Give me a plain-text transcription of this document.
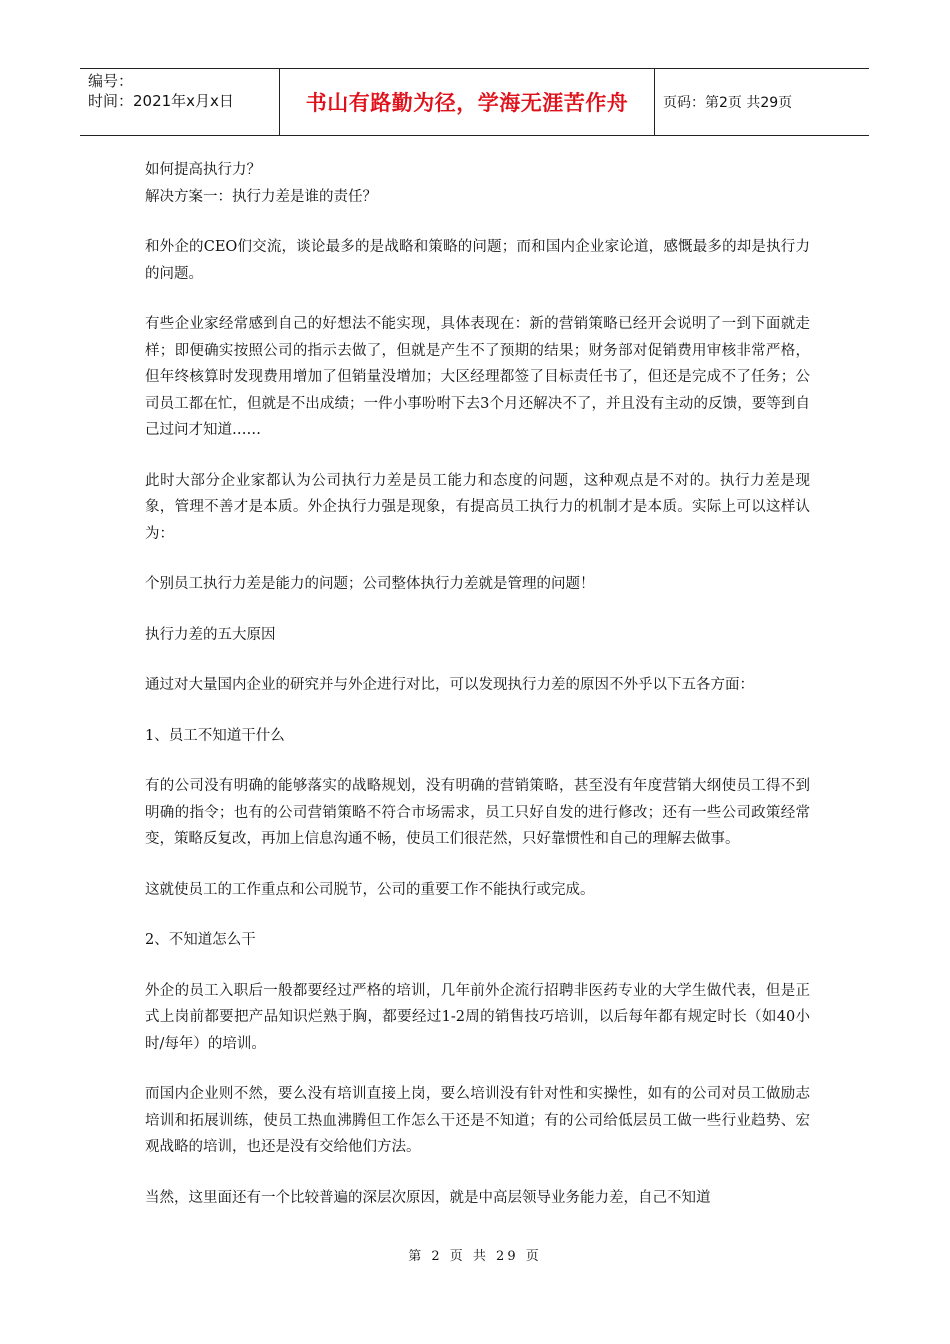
编号：
时间：2021年x月x日	书山有路勤为径，学海无涯苦作舟	页码：第2页 共29页

如何提高执行力？

解决方案一：执行力差是谁的责任？

和外企的CEO们交流，谈论最多的是战略和策略的问题；而和国内企业家论道，感慨最多的却是执行力的问题。

有些企业家经常感到自己的好想法不能实现，具体表现在：新的营销策略已经开会说明了一到下面就走样；即便确实按照公司的指示去做了，但就是产生不了预期的结果；财务部对促销费用审核非常严格，但年终核算时发现费用增加了但销量没增加；大区经理都签了目标责任书了，但还是完成不了任务；公司员工都在忙，但就是不出成绩；一件小事吩咐下去3个月还解决不了，并且没有主动的反馈，要等到自己过问才知道……

此时大部分企业家都认为公司执行力差是员工能力和态度的问题，这种观点是不对的。执行力差是现象，管理不善才是本质。外企执行力强是现象，有提高员工执行力的机制才是本质。实际上可以这样认为：

个别员工执行力差是能力的问题；公司整体执行力差就是管理的问题！

执行力差的五大原因

通过对大量国内企业的研究并与外企进行对比，可以发现执行力差的原因不外乎以下五各方面：

1、员工不知道干什么

有的公司没有明确的能够落实的战略规划，没有明确的营销策略，甚至没有年度营销大纲使员工得不到明确的指令；也有的公司营销策略不符合市场需求，员工只好自发的进行修改；还有一些公司政策经常变，策略反复改，再加上信息沟通不畅，使员工们很茫然，只好靠惯性和自己的理解去做事。

这就使员工的工作重点和公司脱节，公司的重要工作不能执行或完成。

2、不知道怎么干

外企的员工入职后一般都要经过严格的培训，几年前外企流行招聘非医药专业的大学生做代表，但是正式上岗前都要把产品知识烂熟于胸，都要经过1-2周的销售技巧培训，以后每年都有规定时长（如40小时/每年）的培训。

而国内企业则不然，要么没有培训直接上岗，要么培训没有针对性和实操性，如有的公司对员工做励志培训和拓展训练，使员工热血沸腾但工作怎么干还是不知道；有的公司给低层员工做一些行业趋势、宏观战略的培训，也还是没有交给他们方法。

当然，这里面还有一个比较普遍的深层次原因，就是中高层领导业务能力差，自己不知道

第 2 页 共 29 页
